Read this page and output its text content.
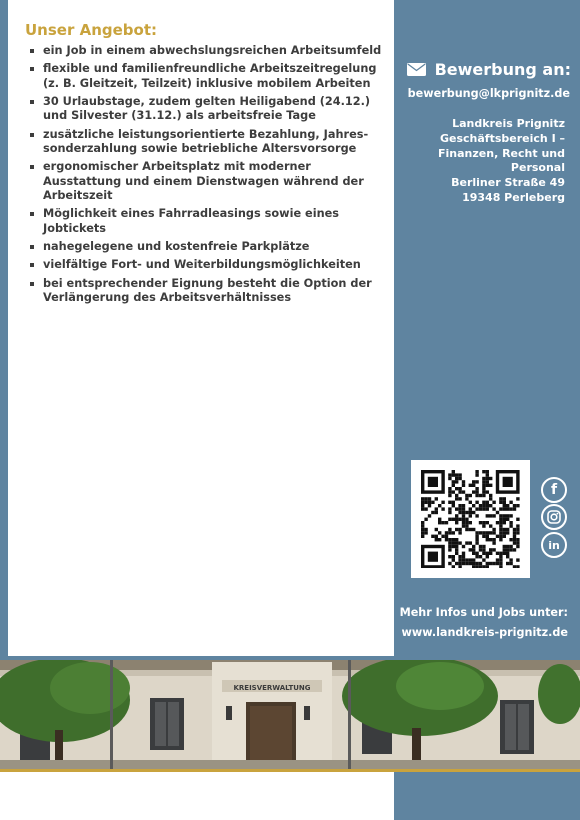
Unser Angebot:
ein Job in einem abwechslungsreichen Arbeitsumfeld
flexible und familienfreundliche Arbeitszeitregelung (z. B. Gleitzeit, Teilzeit) inklusive mobilem Arbeiten
30 Urlaubstage, zudem gelten Heiligabend (24.12.) und Silvester (31.12.) als arbeitsfreie Tage
zusätzliche leistungsorientierte Bezahlung, Jahres-sonderzahlung sowie betriebliche Altersvorsorge
ergonomischer Arbeitsplatz mit moderner Ausstattung und einem Dienstwagen während der Arbeitszeit
Möglichkeit eines Fahrradleasings sowie eines Jobtickets
nahegelegene und kostenfreie Parkplätze
vielfältige Fort- und Weiterbildungsmöglichkeiten
bei entsprechender Eignung besteht die Option der Verlängerung des Arbeitsverhältnisses
Bewerbung an:
bewerbung@lkprignitz.de
Landkreis Prignitz
Geschäftsbereich I –
Finanzen, Recht und
Personal
Berliner Straße 49
19348 Perleberg
f
in
Mehr Infos und Jobs unter:
www.landkreis-prignitz.de
KREISVERWALTUNG
